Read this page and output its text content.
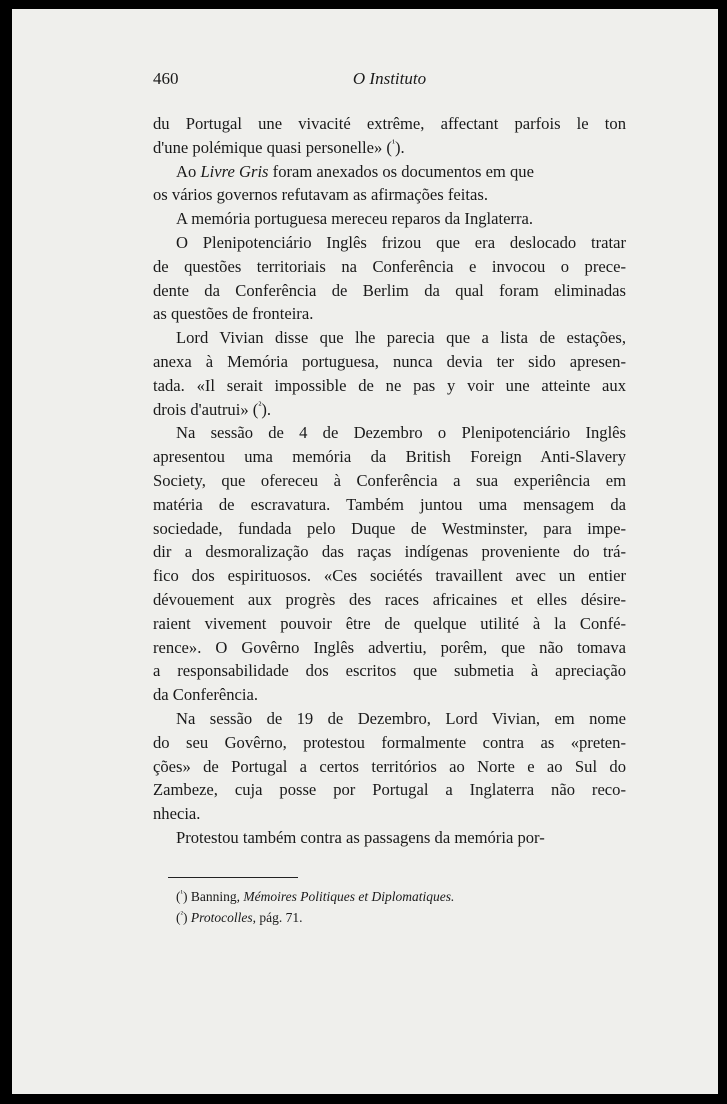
460	O Instituto
du Portugal une vivacité extrême, affectant parfois le ton
d'une polémique quasi personelle» ($^{^1}$).
Ao Livre Gris foram anexados os documentos em que
os vários governos refutavam as afirmações feitas.
A memória portuguesa mereceu reparos da Inglaterra.
O Plenipotenciário Inglês frizou que era deslocado tratar
de questões territoriais na Conferência e invocou o prece-
dente da Conferência de Berlim da qual foram eliminadas
as questões de fronteira.
Lord Vivian disse que lhe parecia que a lista de estações,
anexa à Memória portuguesa, nunca devia ter sido apresen-
tada. «Il serait impossible de ne pas y voir une atteinte aux
drois d'autrui» ($^{^2}$).
Na sessão de 4 de Dezembro o Plenipotenciário Inglês
apresentou uma memória da British Foreign Anti-Slavery
Society, que ofereceu à Conferência a sua experiência em
matéria de escravatura. Também juntou uma mensagem da
sociedade, fundada pelo Duque de Westminster, para impe-
dir a desmoralização das raças indígenas proveniente do trá-
fico dos espirituosos. «Ces sociétés travaillent avec un entier
dévouement aux progrès des races africaines et elles désire-
raient vivement pouvoir être de quelque utilité à la Confé-
rence». O Govêrno Inglês advertiu, porêm, que não tomava
a responsabilidade dos escritos que submetia à apreciação
da Conferência.
Na sessão de 19 de Dezembro, Lord Vivian, em nome
do seu Govêrno, protestou formalmente contra as «preten-
ções» de Portugal a certos territórios ao Norte e ao Sul do
Zambeze, cuja posse por Portugal a Inglaterra não reco-
nhecia.
Protestou também contra as passagens da memória por-
($^{^1}$) Banning, Mémoires Politiques et Diplomatiques.
($^{^2}$) Protocolles, pág. 71.
